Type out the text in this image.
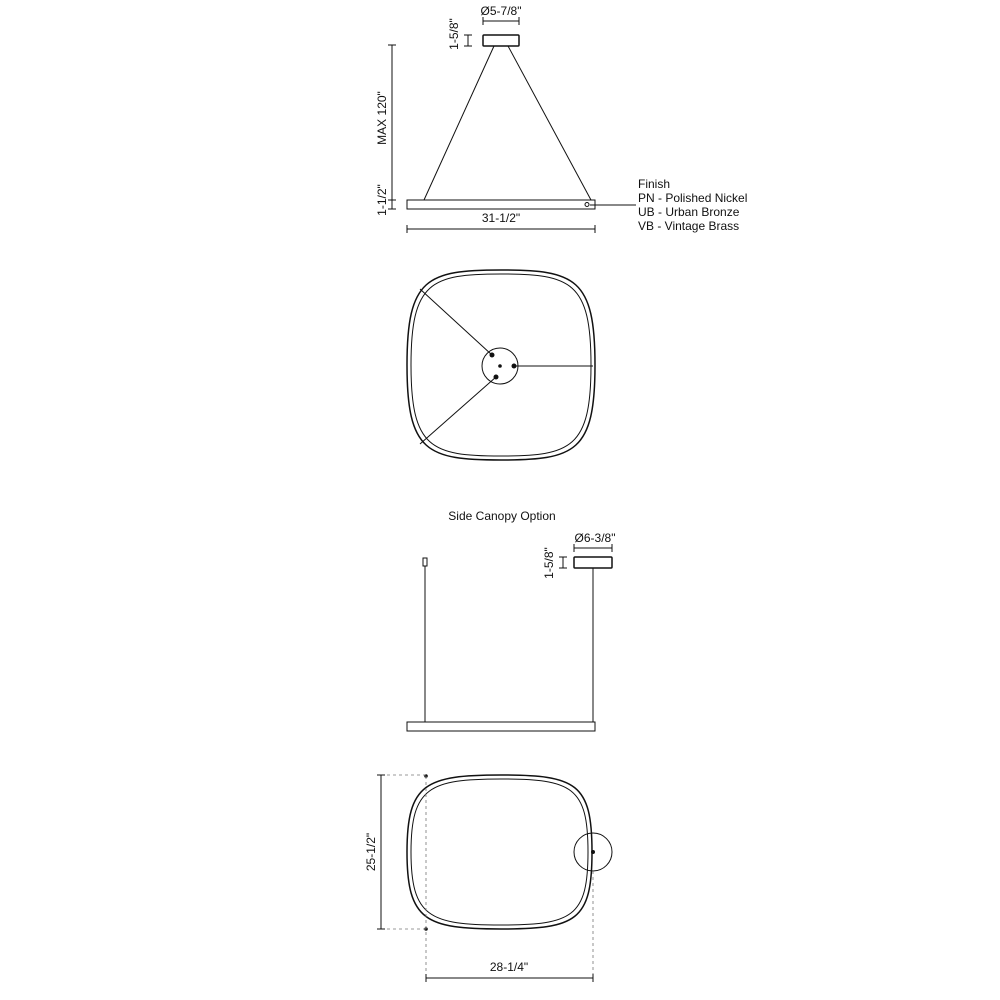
Ø5-7/8"
1-5/8"
MAX 120"
1-1/2"
31-1/2"
Finish
PN - Polished Nickel
UB - Urban Bronze
VB - Vintage Brass
Side Canopy Option
Ø6-3/8"
1-5/8"
25-1/2"
28-1/4"
